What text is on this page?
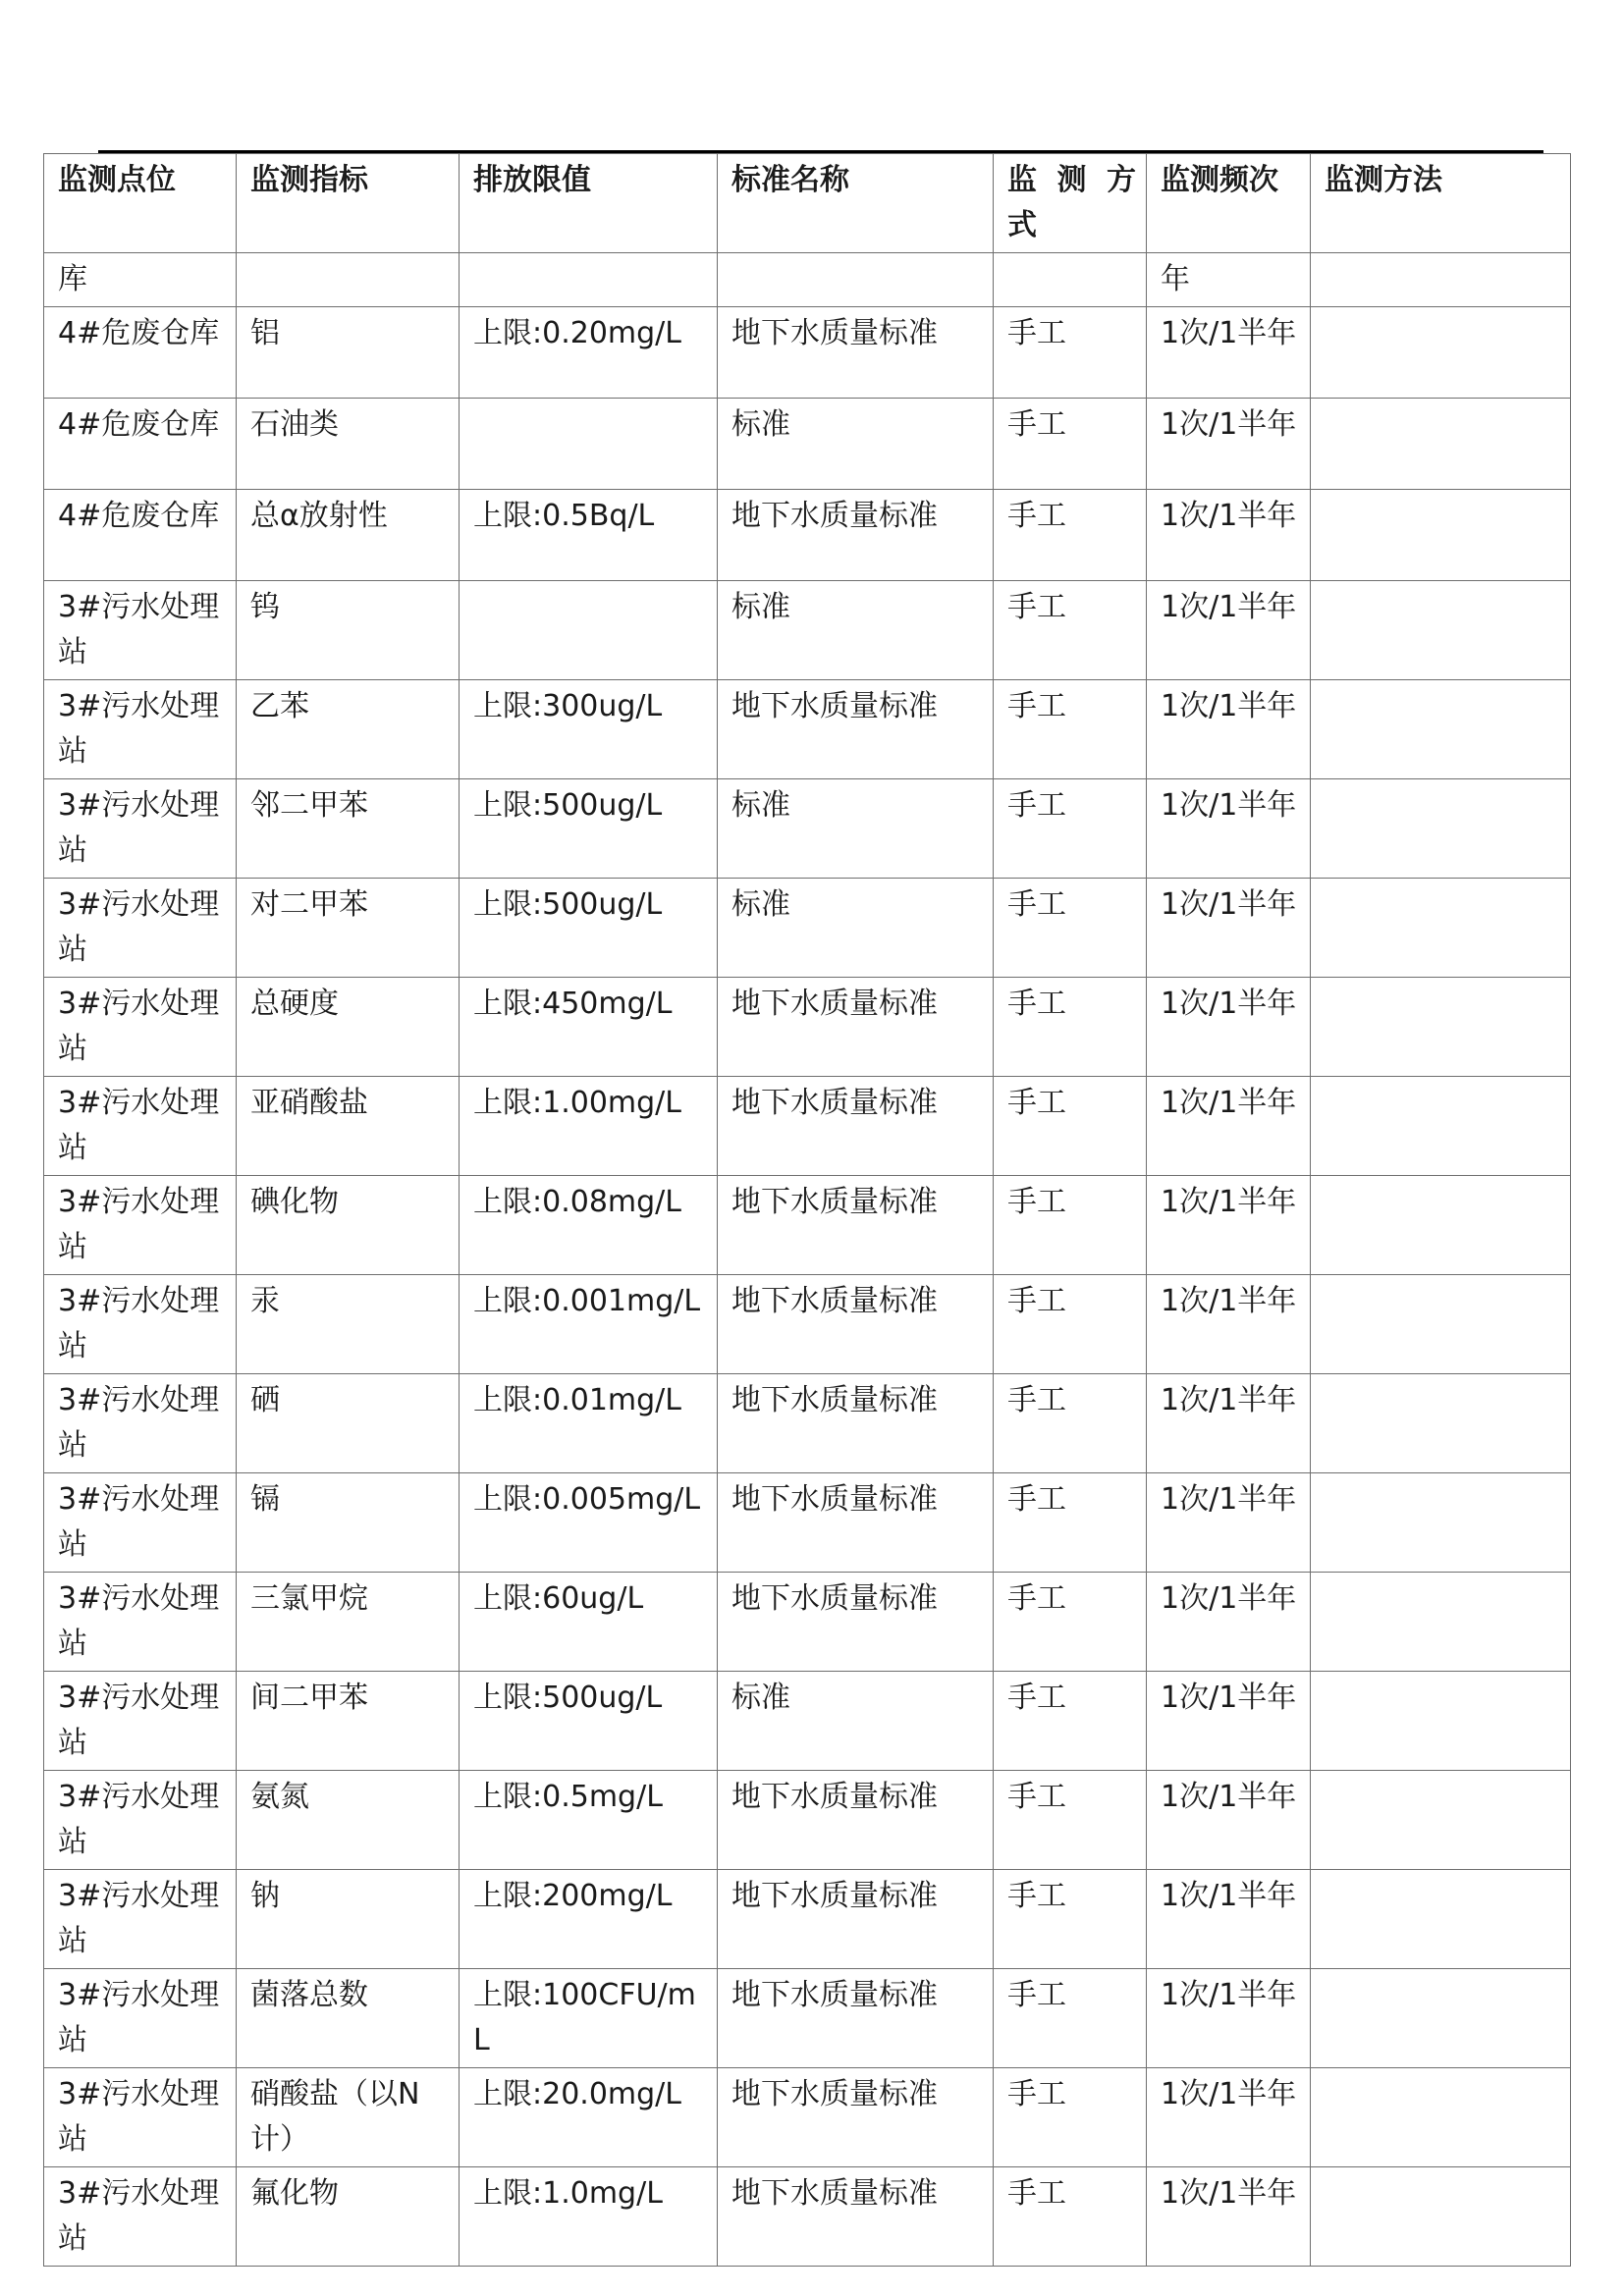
监测点位	监测指标	排放限值	标准名称	监 测 方 式	监测频次	监测方法
库					年	
4#危废仓库	铝	上限:0.20mg/L	地下水质量标准	手工	1次/1半年	
4#危废仓库	石油类		标准	手工	1次/1半年	
4#危废仓库	总α放射性	上限:0.5Bq/L	地下水质量标准	手工	1次/1半年	
3#污水处理站	钨		标准	手工	1次/1半年	
3#污水处理站	乙苯	上限:300ug/L	地下水质量标准	手工	1次/1半年	
3#污水处理站	邻二甲苯	上限:500ug/L	标准	手工	1次/1半年	
3#污水处理站	对二甲苯	上限:500ug/L	标准	手工	1次/1半年	
3#污水处理站	总硬度	上限:450mg/L	地下水质量标准	手工	1次/1半年	
3#污水处理站	亚硝酸盐	上限:1.00mg/L	地下水质量标准	手工	1次/1半年	
3#污水处理站	碘化物	上限:0.08mg/L	地下水质量标准	手工	1次/1半年	
3#污水处理站	汞	上限:0.001mg/L	地下水质量标准	手工	1次/1半年	
3#污水处理站	硒	上限:0.01mg/L	地下水质量标准	手工	1次/1半年	
3#污水处理站	镉	上限:0.005mg/L	地下水质量标准	手工	1次/1半年	
3#污水处理站	三氯甲烷	上限:60ug/L	地下水质量标准	手工	1次/1半年	
3#污水处理站	间二甲苯	上限:500ug/L	标准	手工	1次/1半年	
3#污水处理站	氨氮	上限:0.5mg/L	地下水质量标准	手工	1次/1半年	
3#污水处理站	钠	上限:200mg/L	地下水质量标准	手工	1次/1半年	
3#污水处理站	菌落总数	上限:100CFU/mL	地下水质量标准	手工	1次/1半年	
3#污水处理站	硝酸盐（以N计）	上限:20.0mg/L	地下水质量标准	手工	1次/1半年	
3#污水处理站	氟化物	上限:1.0mg/L	地下水质量标准	手工	1次/1半年	
